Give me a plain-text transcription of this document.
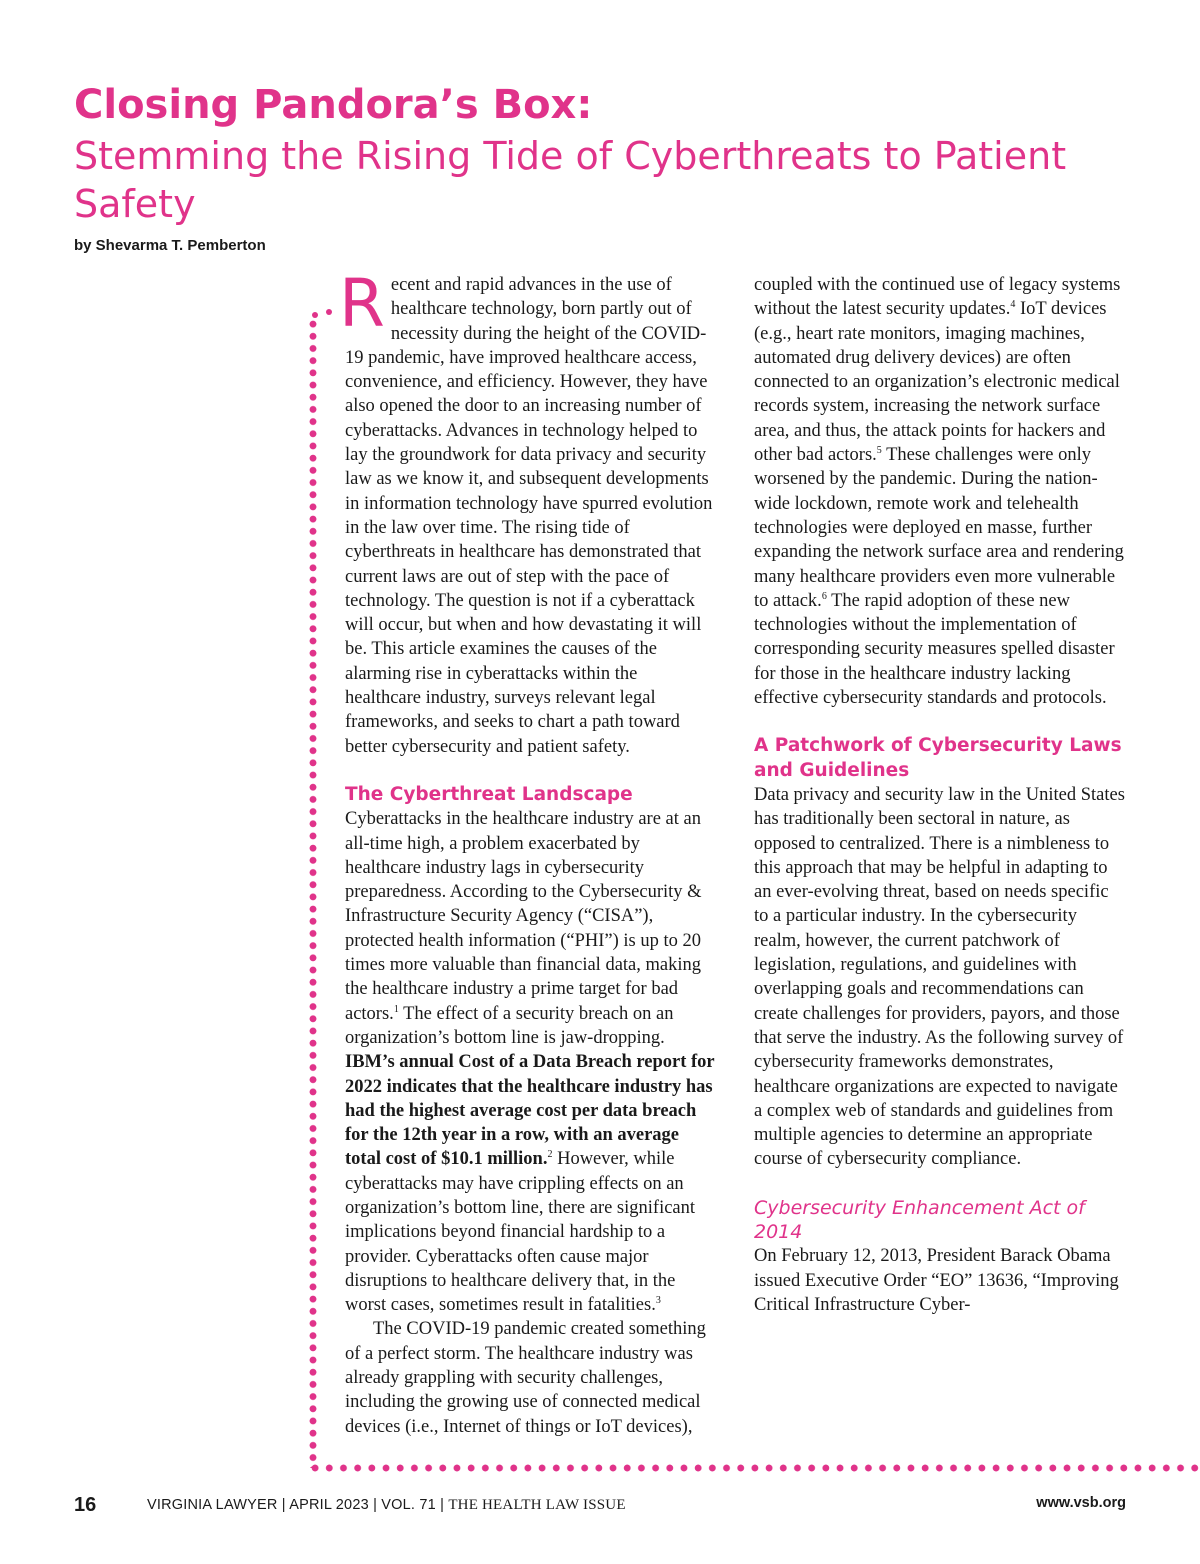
Closing Pandora’s Box:
Stemming the Rising Tide of Cyberthreats to Patient Safety

by Shevarma T. Pemberton

Recent and rapid advances in the use of healthcare technology, born partly out of necessity during the height of the COVID-19 pandemic, have improved healthcare access, convenience, and efficiency. However, they have also opened the door to an increasing number of cyberattacks. Advances in technology helped to lay the groundwork for data privacy and security law as we know it, and subsequent developments in information technology have spurred evolution in the law over time. The rising tide of cyberthreats in healthcare has demonstrated that current laws are out of step with the pace of technology. The question is not if a cyberattack will occur, but when and how devastating it will be. This article examines the causes of the alarming rise in cyberattacks within the healthcare industry, surveys relevant legal frameworks, and seeks to chart a path toward better cybersecurity and patient safety.

The Cyberthreat Landscape

Cyberattacks in the healthcare industry are at an all-time high, a problem exacerbated by healthcare industry lags in cybersecurity preparedness. According to the Cybersecurity & Infrastructure Security Agency (“CISA”), protected health information (“PHI”) is up to 20 times more valuable than financial data, making the healthcare industry a prime target for bad actors.$^1$ The effect of a security breach on an organization’s bottom line is jaw-dropping. IBM’s annual Cost of a Data Breach report for 2022 indicates that the healthcare industry has had the highest average cost per data breach for the 12th year in a row, with an average total cost of $10.1 million.$^2$ However, while cyberattacks may have crippling effects on an organization’s bottom line, there are significant implications beyond financial hardship to a provider. Cyberattacks often cause major disruptions to healthcare delivery that, in the worst cases, sometimes result in fatalities.$^3$

The COVID-19 pandemic created something of a perfect storm. The healthcare industry was already grappling with security challenges, including the growing use of connected medical devices (i.e., Internet of things or IoT devices),

coupled with the continued use of legacy systems without the latest security updates.$^4$ IoT devices (e.g., heart rate monitors, imaging machines, automated drug delivery devices) are often connected to an organization’s electronic medical records system, increasing the network surface area, and thus, the attack points for hackers and other bad actors.$^5$ These challenges were only worsened by the pandemic. During the nation-wide lockdown, remote work and telehealth technologies were deployed en masse, further expanding the network surface area and rendering many healthcare providers even more vulnerable to attack.$^6$ The rapid adoption of these new technologies without the implementation of corresponding security measures spelled disaster for those in the healthcare industry lacking effective cybersecurity standards and protocols.

A Patchwork of Cybersecurity Laws and Guidelines

Data privacy and security law in the United States has traditionally been sectoral in nature, as opposed to centralized. There is a nimbleness to this approach that may be helpful in adapting to an ever-evolving threat, based on needs specific to a particular industry. In the cybersecurity realm, however, the current patchwork of legislation, regulations, and guidelines with overlapping goals and recommendations can create challenges for providers, payors, and those that serve the industry. As the following survey of cybersecurity frameworks demonstrates, healthcare organizations are expected to navigate a complex web of standards and guidelines from multiple agencies to determine an appropriate course of cybersecurity compliance.

Cybersecurity Enhancement Act of 2014

On February 12, 2013, President Barack Obama issued Executive Order “EO” 13636, “Improving Critical Infrastructure Cyber-

16	VIRGINIA LAWYER | APRIL 2023 | VOL. 71 | THE HEALTH LAW ISSUE	www.vsb.org
